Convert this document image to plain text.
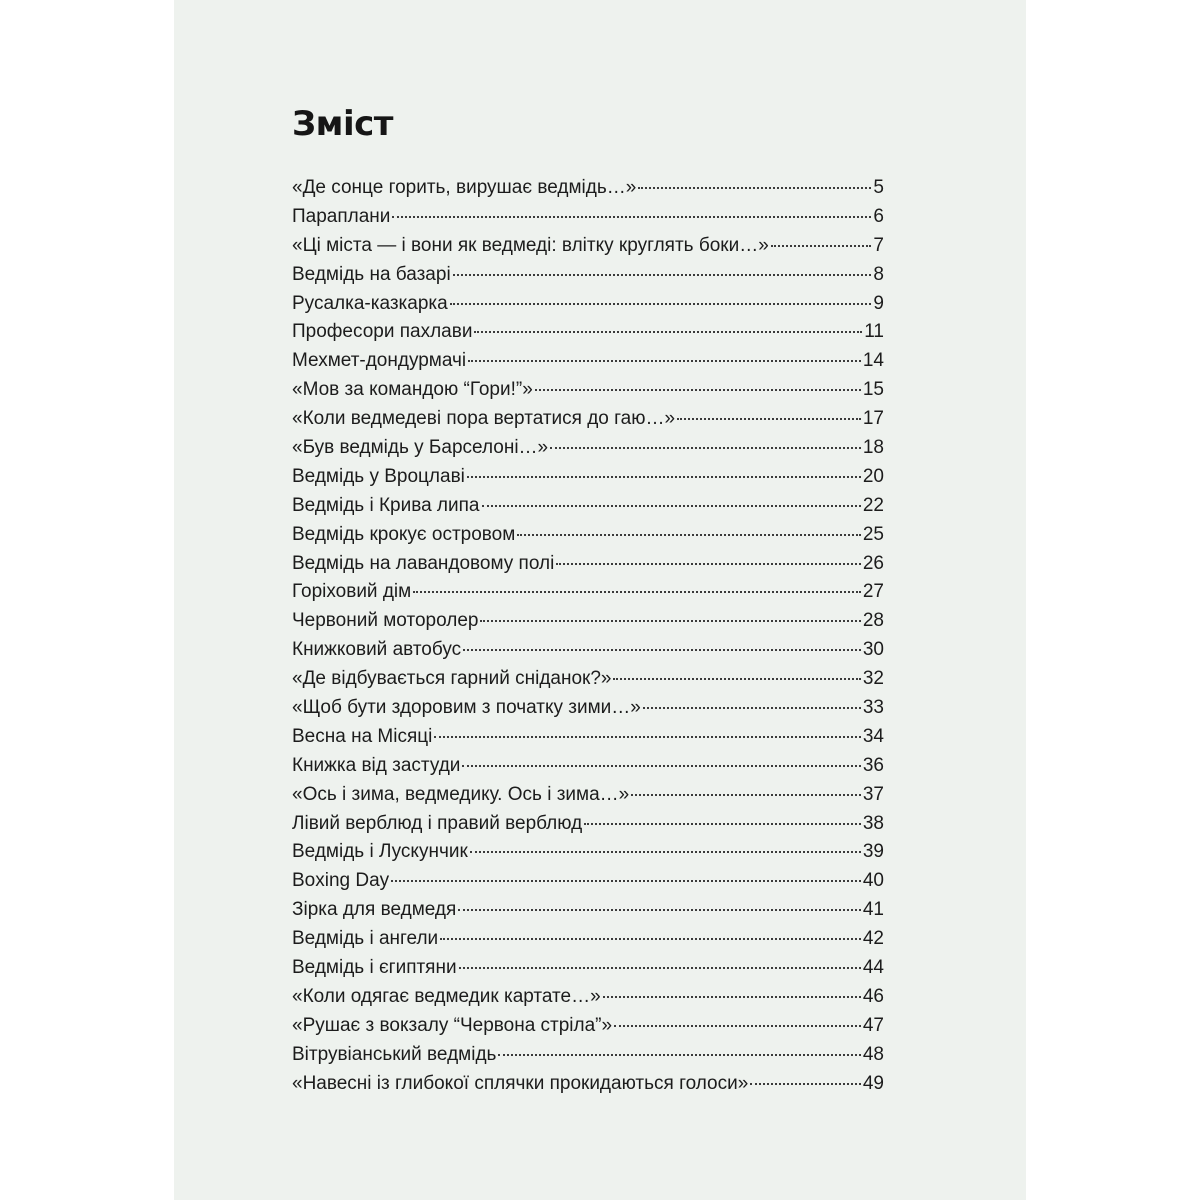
Зміст
«Де сонце горить, вирушає ведмідь…»	5
Параплани	6
«Ці міста — і вони як ведмеді: влітку круглять боки…»	7
Ведмідь на базарі	8
Русалка-казкарка	9
Професори пахлави	11
Мехмет-дондурмачі	14
«Мов за командою “Гори!”»	15
«Коли ведмедеві пора вертатися до гаю…»	17
«Був ведмідь у Барселоні…»	18
Ведмідь у Вроцлаві	20
Ведмідь і Крива липа	22
Ведмідь крокує островом	25
Ведмідь на лавандовому полі	26
Горіховий дім	27
Червоний моторолер	28
Книжковий автобус	30
«Де відбувається гарний сніданок?»	32
«Щоб бути здоровим з початку зими…»	33
Весна на Місяці	34
Книжка від застуди	36
«Ось і зима, ведмедику. Ось і зима…»	37
Лівий верблюд і правий верблюд	38
Ведмідь і Лускунчик	39
Boxing Day	40
Зірка для ведмедя	41
Ведмідь і ангели	42
Ведмідь і єгиптяни	44
«Коли одягає ведмедик картате…»	46
«Рушає з вокзалу “Червона стріла”»	47
Вітрувіанський ведмідь	48
«Навесні із глибокої сплячки прокидаються голоси»	49
